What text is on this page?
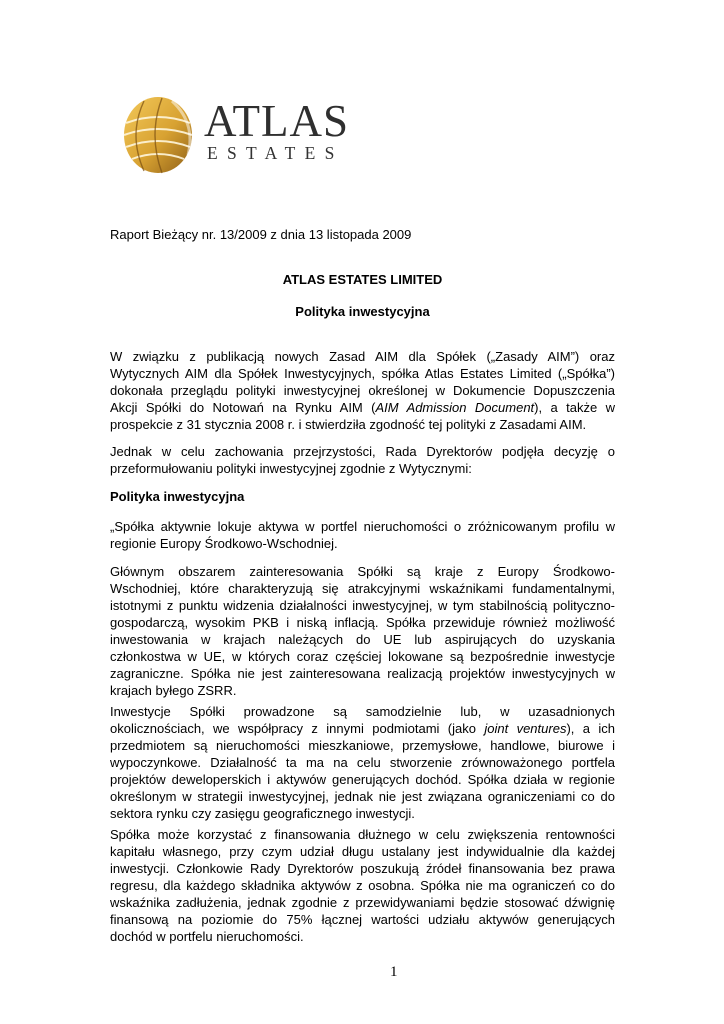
ATLAS
ESTATES
Raport Bieżący nr. 13/2009 z dnia 13 listopada 2009
ATLAS ESTATES LIMITED
Polityka inwestycyjna
W związku z publikacją nowych Zasad AIM dla Spółek („Zasady AIM”) oraz
Wytycznych AIM dla Spółek Inwestycyjnych, spółka Atlas Estates Limited („Spółka”)
dokonała przeglądu polityki inwestycyjnej określonej w Dokumencie Dopuszczenia
Akcji Spółki do Notowań na Rynku AIM (AIM Admission Document), a także w
prospekcie z 31 stycznia 2008 r. i stwierdziła zgodność tej polityki z Zasadami AIM.
Jednak w celu zachowania przejrzystości, Rada Dyrektorów podjęła decyzję o
przeformułowaniu polityki inwestycyjnej zgodnie z Wytycznymi:
Polityka inwestycyjna
„Spółka aktywnie lokuje aktywa w portfel nieruchomości o zróżnicowanym profilu w
regionie Europy Środkowo-Wschodniej.
Głównym obszarem zainteresowania Spółki są kraje z Europy Środkowo-
Wschodniej, które charakteryzują się atrakcyjnymi wskaźnikami fundamentalnymi,
istotnymi z punktu widzenia działalności inwestycyjnej, w tym stabilnością polityczno-
gospodarczą, wysokim PKB i niską inflacją. Spółka przewiduje również możliwość
inwestowania w krajach należących do UE lub aspirujących do uzyskania
członkostwa w UE, w których coraz częściej lokowane są bezpośrednie inwestycje
zagraniczne. Spółka nie jest zainteresowana realizacją projektów inwestycyjnych w
krajach byłego ZSRR.
Inwestycje Spółki prowadzone są samodzielnie lub, w uzasadnionych
okolicznościach, we współpracy z innymi podmiotami (jako joint ventures), a ich
przedmiotem są nieruchomości mieszkaniowe, przemysłowe, handlowe, biurowe i
wypoczynkowe. Działalność ta ma na celu stworzenie zrównoważonego portfela
projektów deweloperskich i aktywów generujących dochód. Spółka działa w regionie
określonym w strategii inwestycyjnej, jednak nie jest związana ograniczeniami co do
sektora rynku czy zasięgu geograficznego inwestycji.
Spółka może korzystać z finansowania dłużnego w celu zwiększenia rentowności
kapitału własnego, przy czym udział długu ustalany jest indywidualnie dla każdej
inwestycji. Członkowie Rady Dyrektorów poszukują źródeł finansowania bez prawa
regresu, dla każdego składnika aktywów z osobna. Spółka nie ma ograniczeń co do
wskaźnika zadłużenia, jednak zgodnie z przewidywaniami będzie stosować dźwignię
finansową na poziomie do 75% łącznej wartości udziału aktywów generujących
dochód w portfelu nieruchomości.
1
